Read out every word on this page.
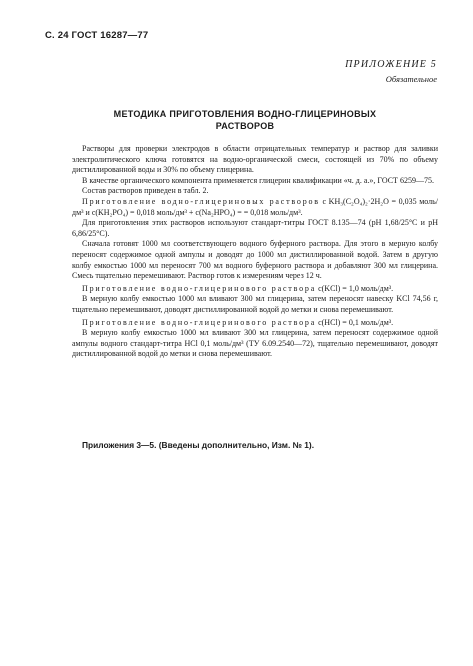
С. 24 ГОСТ 16287—77
ПРИЛОЖЕНИЕ 5
Обязательное
МЕТОДИКА ПРИГОТОВЛЕНИЯ ВОДНО-ГЛИЦЕРИНОВЫХ
РАСТВОРОВ

Растворы для проверки электродов в области отрицательных температур и раствор для заливки электролитического ключа готовятся на водно-органической смеси, состоящей из 70% по объему дистиллированной воды и 30% по объему глицерина.

В качестве органического компонента применяется глицерин квалификации «ч. д. а.», ГОСТ 6259—75.

Состав растворов приведен в табл. 2.

Приготовление водно-глицериновых растворов c KH₃(C₂O₄)₂·2H₂O = 0,035 моль/дм³ и c(KH₂PO₄) = 0,018 моль/дм³ + c(Na₂HPO₄) = = 0,018 моль/дм³.

Для приготовления этих растворов используют стандарт-титры ГОСТ 8.135—74 (рН 1,68/25°С и рН 6,86/25°С).

Сначала готовят 1000 мл соответствующего водного буферного раствора. Для этого в мерную колбу переносят содержимое одной ампулы и доводят до 1000 мл дистиллированной водой. Затем в другую колбу емкостью 1000 мл переносят 700 мл водного буферного раствора и добавляют 300 мл глицерина. Смесь тщательно перемешивают. Раствор готов к измерениям через 12 ч.

Приготовление водно-глицеринового раствора c(KCl) = 1,0 моль/дм³.

В мерную колбу емкостью 1000 мл вливают 300 мл глицерина, затем переносят навеску KCl 74,56 г, тщательно перемешивают, доводят дистиллированной водой до метки и снова перемешивают.

Приготовление водно-глицеринового раствора c(HCl) = 0,1 моль/дм³.

В мерную колбу емкостью 1000 мл вливают 300 мл глицерина, затем переносят содержимое одной ампулы водного стандарт-титра HCl 0,1 моль/дм³ (ТУ 6.09.2540—72), тщательно перемешивают, доводят дистиллированной водой до метки и снова перемешивают.

Приложения 3—5. (Введены дополнительно, Изм. № 1).
